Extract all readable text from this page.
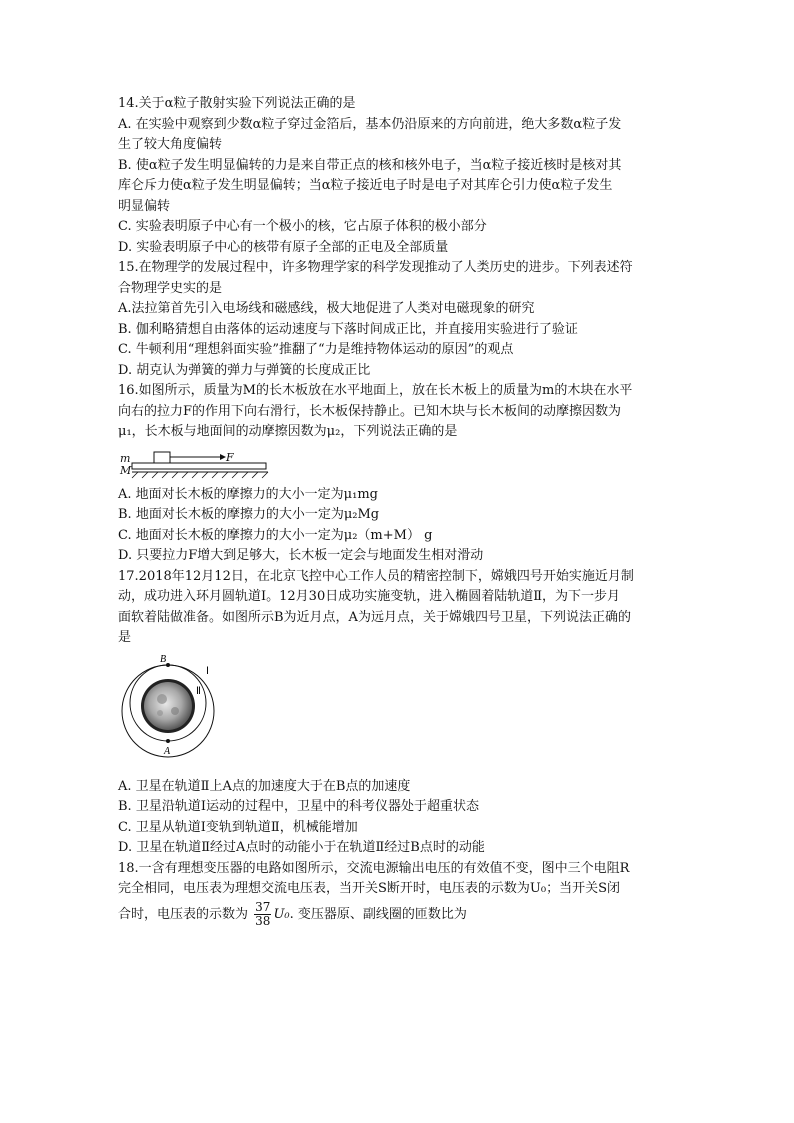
14.关于α粒子散射实验下列说法正确的是
A. 在实验中观察到少数α粒子穿过金箔后，基本仍沿原来的方向前进，绝大多数α粒子发
生了较大角度偏转
B. 使α粒子发生明显偏转的力是来自带正点的核和核外电子，当α粒子接近核时是核对其
库仑斥力使α粒子发生明显偏转；当α粒子接近电子时是电子对其库仑引力使α粒子发生
明显偏转
C. 实验表明原子中心有一个极小的核，它占原子体积的极小部分
D. 实验表明原子中心的核带有原子全部的正电及全部质量
15.在物理学的发展过程中，许多物理学家的科学发现推动了人类历史的进步。下列表述符
合物理学史实的是
A.法拉第首先引入电场线和磁感线，极大地促进了人类对电磁现象的研究
B. 伽利略猜想自由落体的运动速度与下落时间成正比，并直接用实验进行了验证
C. 牛顿利用“理想斜面实验”推翻了“力是维持物体运动的原因”的观点
D. 胡克认为弹簧的弹力与弹簧的长度成正比
16.如图所示，质量为M的长木板放在水平地面上，放在长木板上的质量为m的木块在水平
向右的拉力F的作用下向右滑行，长木板保持静止。已知木块与长木板间的动摩擦因数为
μ₁，长木板与地面间的动摩擦因数为μ₂，下列说法正确的是
m
M
F
A. 地面对长木板的摩擦力的大小一定为μ₁mg
B. 地面对长木板的摩擦力的大小一定为μ₂Mg
C. 地面对长木板的摩擦力的大小一定为μ₂（m+M） g
D. 只要拉力F增大到足够大，长木板一定会与地面发生相对滑动
17.2018年12月12日，在北京飞控中心工作人员的精密控制下，嫦娥四号开始实施近月制
动，成功进入环月圆轨道Ⅰ。12月30日成功实施变轨，进入椭圆着陆轨道Ⅱ，为下一步月
面软着陆做准备。如图所示B为近月点，A为远月点，关于嫦娥四号卫星，下列说法正确的
是
B
A
Ⅰ
Ⅱ
A. 卫星在轨道Ⅱ上A点的加速度大于在B点的加速度
B. 卫星沿轨道Ⅰ运动的过程中，卫星中的科考仪器处于超重状态
C. 卫星从轨道Ⅰ变轨到轨道Ⅱ，机械能增加
D. 卫星在轨道Ⅱ经过A点时的动能小于在轨道Ⅱ经过B点时的动能
18.一含有理想变压器的电路如图所示，交流电源输出电压的有效值不变，图中三个电阻R
完全相同，电压表为理想交流电压表，当开关S断开时，电压表的示数为U₀；当开关S闭
合时，电压表的示数为 $\frac{37}{38} U_0$. 变压器原、副线圈的匝数比为
